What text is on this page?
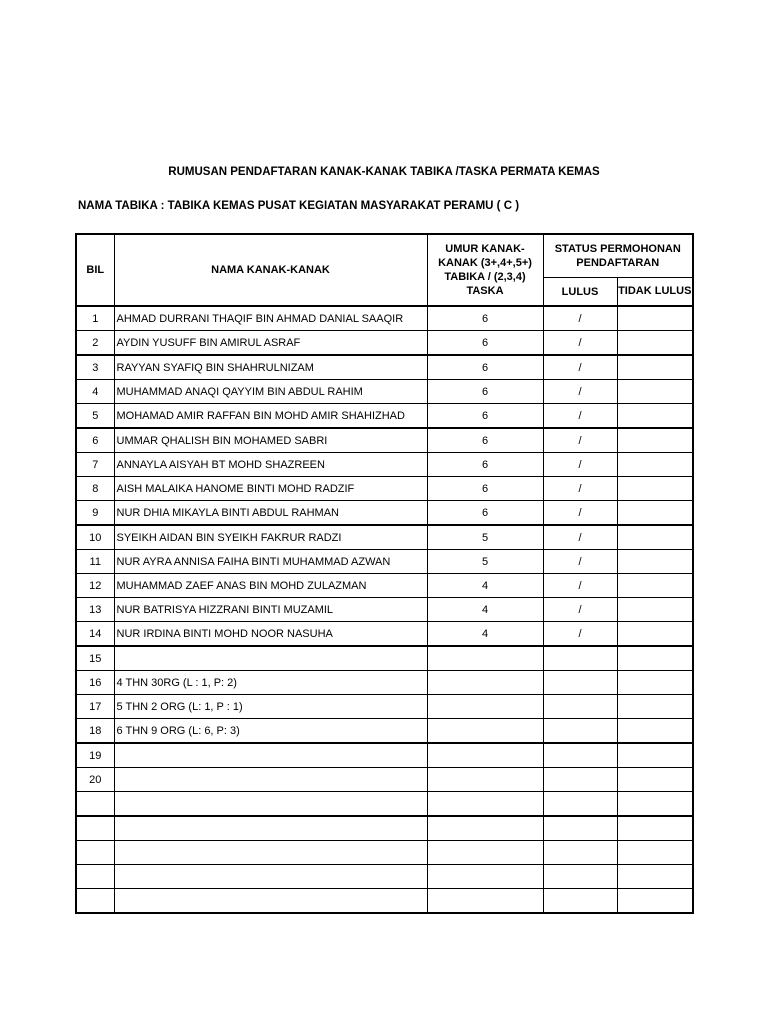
RUMUSAN PENDAFTARAN KANAK-KANAK TABIKA /TASKA PERMATA KEMAS
NAMA TABIKA : TABIKA KEMAS PUSAT KEGIATAN MASYARAKAT PERAMU ( C )
BIL	NAMA KANAK-KANAK	UMUR KANAK-KANAK (3+,4+,5+) TABIKA / (2,3,4) TASKA	STATUS PERMOHONAN PENDAFTARAN	
			LULUS	TIDAK LULUS
1	AHMAD DURRANI THAQIF BIN AHMAD DANIAL SAAQIR	6	/	
2	AYDIN YUSUFF BIN AMIRUL ASRAF	6	/	
3	RAYYAN SYAFIQ BIN SHAHRULNIZAM	6	/	
4	MUHAMMAD ANAQI QAYYIM BIN ABDUL RAHIM	6	/	
5	MOHAMAD AMIR RAFFAN BIN MOHD AMIR SHAHIZHAD	6	/	
6	UMMAR QHALISH BIN MOHAMED SABRI	6	/	
7	ANNAYLA AISYAH BT MOHD SHAZREEN	6	/	
8	AISH MALAIKA HANOME BINTI MOHD RADZIF	6	/	
9	NUR DHIA MIKAYLA BINTI ABDUL RAHMAN	6	/	
10	SYEIKH AIDAN BIN SYEIKH FAKRUR RADZI	5	/	
11	NUR AYRA ANNISA FAIHA BINTI MUHAMMAD AZWAN	5	/	
12	MUHAMMAD ZAEF ANAS BIN MOHD ZULAZMAN	4	/	
13	NUR BATRISYA HIZZRANI BINTI MUZAMIL	4	/	
14	NUR IRDINA BINTI MOHD NOOR NASUHA	4	/	
15				
16	4 THN 30RG (L : 1, P: 2)			
17	5 THN 2 ORG (L: 1, P : 1)			
18	6 THN 9 ORG (L: 6, P: 3)			
19				
20				
